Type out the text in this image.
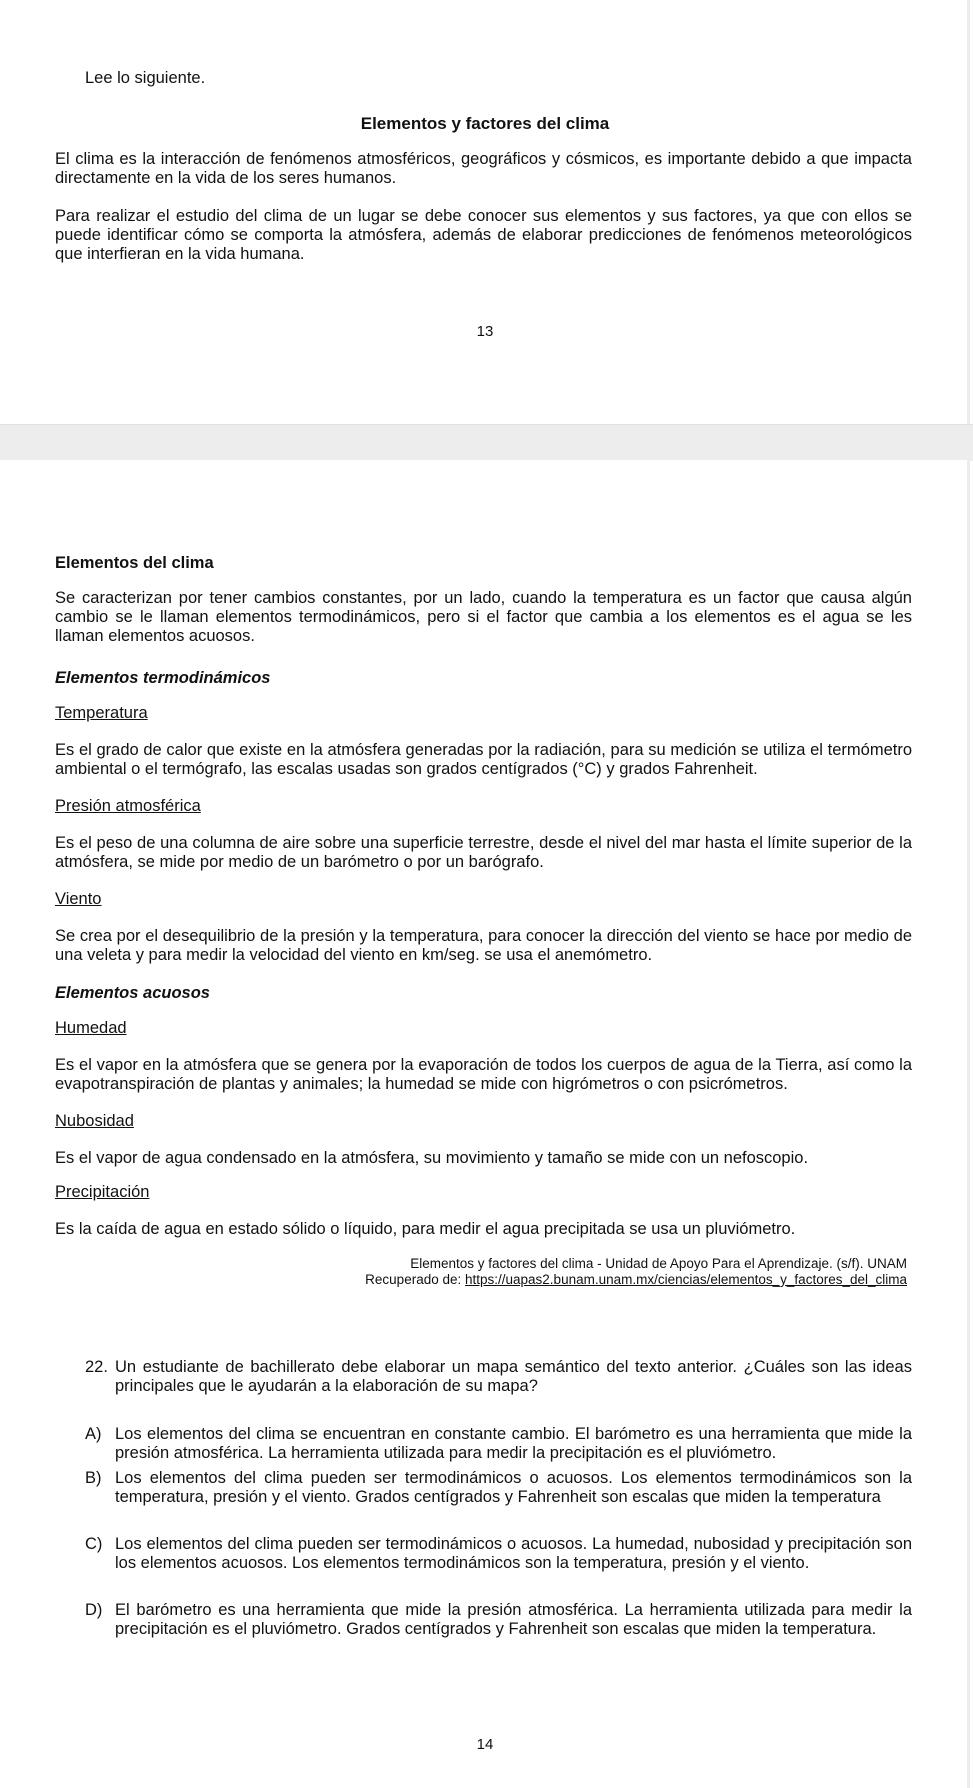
Lee lo siguiente.
Elementos y factores del clima
El clima es la interacción de fenómenos atmosféricos, geográficos y cósmicos, es importante debido a que impacta directamente en la vida de los seres humanos.
Para realizar el estudio del clima de un lugar se debe conocer sus elementos y sus factores, ya que con ellos se puede identificar cómo se comporta la atmósfera, además de elaborar predicciones de fenómenos meteorológicos que interfieran en la vida humana.
13
Elementos del clima
Se caracterizan por tener cambios constantes, por un lado, cuando la temperatura es un factor que causa algún cambio se le llaman elementos termodinámicos, pero si el factor que cambia a los elementos es el agua se les llaman elementos acuosos.
Elementos termodinámicos
Temperatura
Es el grado de calor que existe en la atmósfera generadas por la radiación, para su medición se utiliza el termómetro ambiental o el termógrafo, las escalas usadas son grados centígrados (°C) y grados Fahrenheit.
Presión atmosférica
Es el peso de una columna de aire sobre una superficie terrestre, desde el nivel del mar hasta el límite superior de la atmósfera, se mide por medio de un barómetro o por un barógrafo.
Viento
Se crea por el desequilibrio de la presión y la temperatura, para conocer la dirección del viento se hace por medio de una veleta y para medir la velocidad del viento en km/seg. se usa el anemómetro.
Elementos acuosos
Humedad
Es el vapor en la atmósfera que se genera por la evaporación de todos los cuerpos de agua de la Tierra, así como la evapotranspiración de plantas y animales; la humedad se mide con higrómetros o con psicrómetros.
Nubosidad
Es el vapor de agua condensado en la atmósfera, su movimiento y tamaño se mide con un nefoscopio.
Precipitación
Es la caída de agua en estado sólido o líquido, para medir el agua precipitada se usa un pluviómetro.
Elementos y factores del clima - Unidad de Apoyo Para el Aprendizaje. (s/f). UNAM
Recuperado de: https://uapas2.bunam.unam.mx/ciencias/elementos_y_factores_del_clima
22. Un estudiante de bachillerato debe elaborar un mapa semántico del texto anterior. ¿Cuáles son las ideas principales que le ayudarán a la elaboración de su mapa?
A) Los elementos del clima se encuentran en constante cambio. El barómetro es una herramienta que mide la presión atmosférica. La herramienta utilizada para medir la precipitación es el pluviómetro.
B) Los elementos del clima pueden ser termodinámicos o acuosos. Los elementos termodinámicos son la temperatura, presión y el viento. Grados centígrados y Fahrenheit son escalas que miden la temperatura
C) Los elementos del clima pueden ser termodinámicos o acuosos. La humedad, nubosidad y precipitación son los elementos acuosos. Los elementos termodinámicos son la temperatura, presión y el viento.
D) El barómetro es una herramienta que mide la presión atmosférica. La herramienta utilizada para medir la precipitación es el pluviómetro. Grados centígrados y Fahrenheit son escalas que miden la temperatura.
14
